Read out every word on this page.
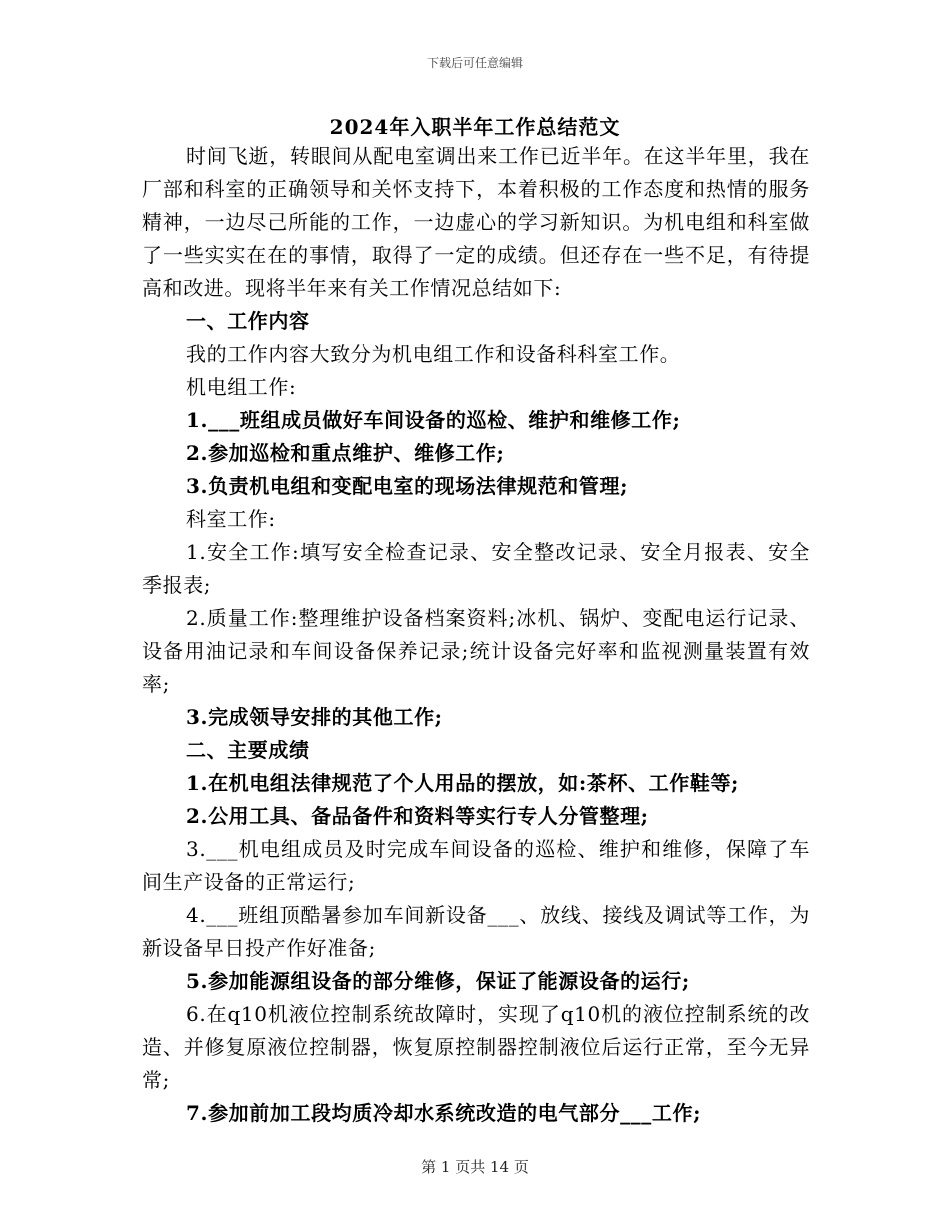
下载后可任意编辑
2024年入职半年工作总结范文

时间飞逝，转眼间从配电室调出来工作已近半年。在这半年里，我在厂部和科室的正确领导和关怀支持下，本着积极的工作态度和热情的服务精神，一边尽己所能的工作，一边虚心的学习新知识。为机电组和科室做了一些实实在在的事情，取得了一定的成绩。但还存在一些不足，有待提高和改进。现将半年来有关工作情况总结如下:

一、工作内容

我的工作内容大致分为机电组工作和设备科科室工作。

机电组工作:

1.___班组成员做好车间设备的巡检、维护和维修工作;

2.参加巡检和重点维护、维修工作;

3.负责机电组和变配电室的现场法律规范和管理;

科室工作:

1.安全工作:填写安全检查记录、安全整改记录、安全月报表、安全季报表;

2.质量工作:整理维护设备档案资料;冰机、锅炉、变配电运行记录、设备用油记录和车间设备保养记录;统计设备完好率和监视测量装置有效率;

3.完成领导安排的其他工作;

二、主要成绩

1.在机电组法律规范了个人用品的摆放，如:茶杯、工作鞋等;

2.公用工具、备品备件和资料等实行专人分管整理;

3.___机电组成员及时完成车间设备的巡检、维护和维修，保障了车间生产设备的正常运行;

4.___班组顶酷暑参加车间新设备___、放线、接线及调试等工作，为新设备早日投产作好准备;

5.参加能源组设备的部分维修，保证了能源设备的运行;

6.在q10机液位控制系统故障时，实现了q10机的液位控制系统的改造、并修复原液位控制器，恢复原控制器控制液位后运行正常，至今无异常;

7.参加前加工段均质冷却水系统改造的电气部分___工作;

第 1 页共 14 页
